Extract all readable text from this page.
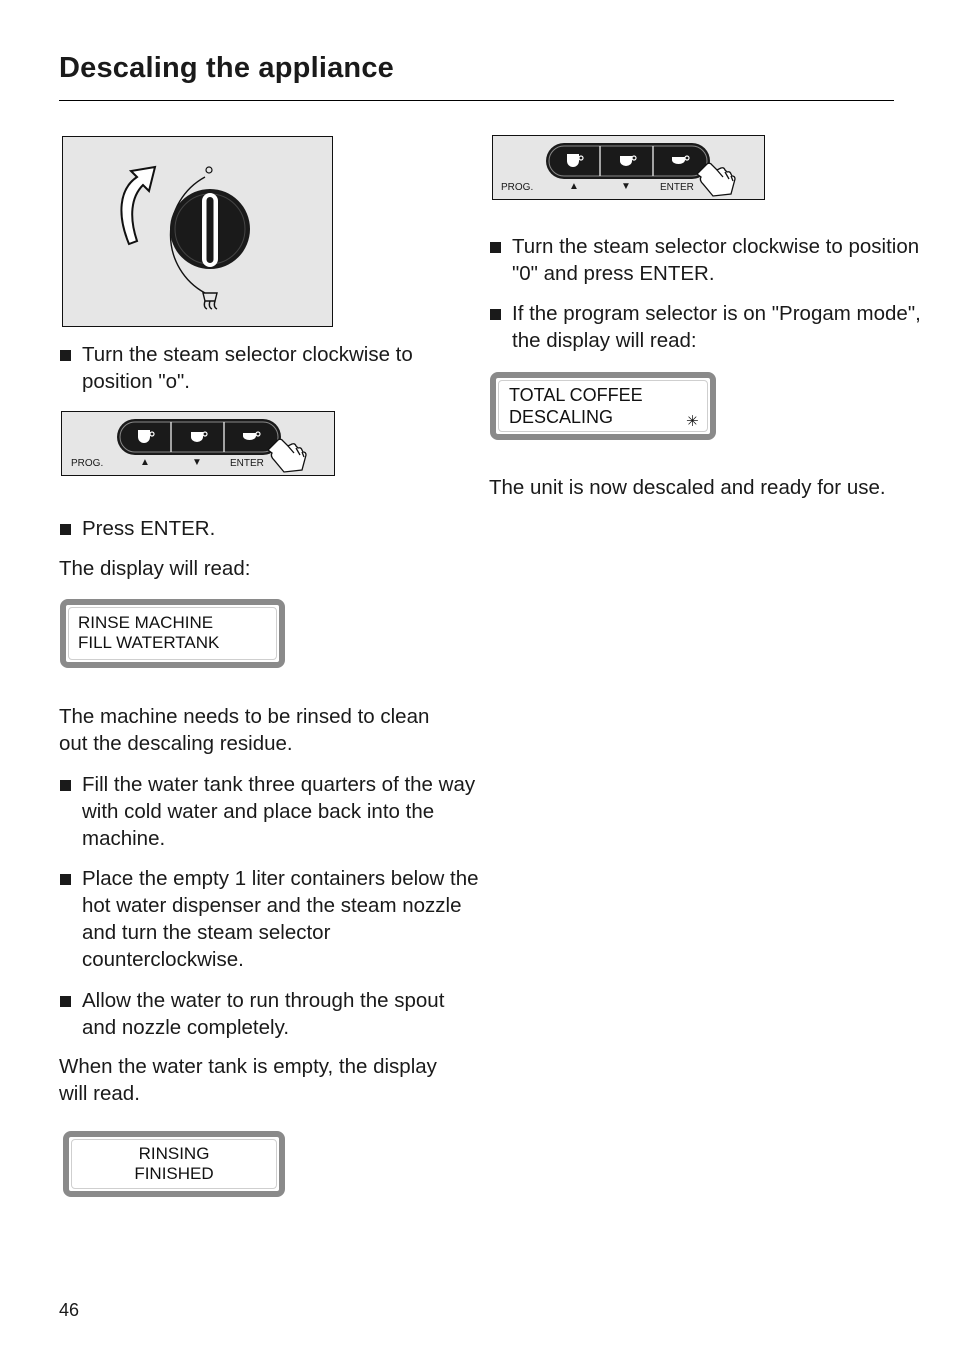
Descaling the appliance
Turn the steam selector clockwise to position "o".
PROG.	▲	▼	ENTER
Press ENTER.
The display will read:
RINSE MACHINE
FILL WATERTANK
The machine needs to be rinsed to clean out the descaling residue.
Fill the water tank three quarters of the way with cold water and place back into the machine.
Place the empty 1 liter containers below the hot water dispenser and the steam nozzle and turn the steam selector counterclockwise.
Allow the water to run through the spout and nozzle completely.
When the water tank is empty, the display will read.
RINSING
FINISHED
PROG.	▲	▼	ENTER
Turn the steam selector clockwise to position "0" and press ENTER.
If the program selector is on "Progam mode", the display will read:
TOTAL COFFEE
DESCALING	✳
The unit is now descaled and ready for use.
46
